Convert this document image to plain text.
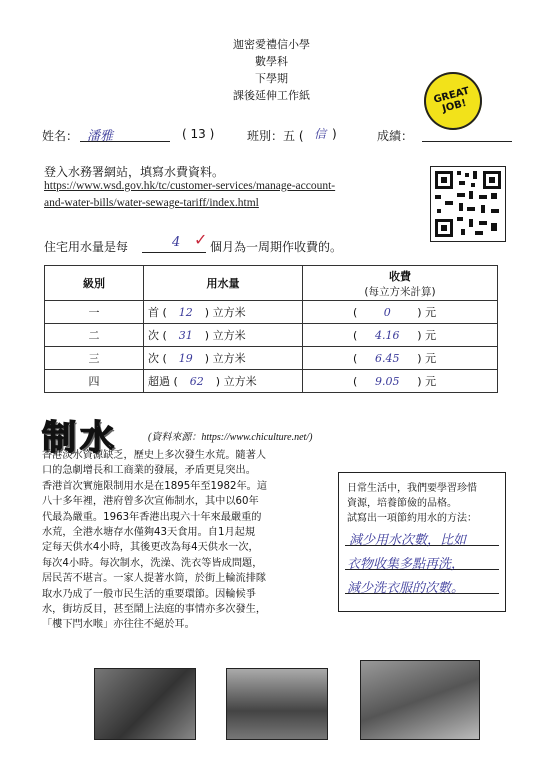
迦密愛禮信小學
數學科
下學期
課後延伸工作紙	GREAT JOB!
姓名： 潘雅	( 13 )	班別：五 ( 信 )	成績：
登入水務署網站，填寫水費資料。
https://www.wsd.gov.hk/tc/customer-services/manage-account-
and-water-bills/water-sewage-tariff/index.html
住宅用水量是每	4 個月為一周期作收費的。
✓
級別	用水量	收費
(每立方米計算)

一	首 ( 12 ) 立方米	( 0 ) 元
二	次 ( 31 ) 立方米	( 4.16 ) 元
三	次 ( 19 ) 立方米	( 6.45 ) 元
四	超過 ( 62 ) 立方米	( 9.05 ) 元
制水	(資料來源：https://www.chiculture.net/)
香港淡水資源缺乏，歷史上多次發生水荒。隨著人
口的急劇增長和工商業的發展，矛盾更見突出。
香港首次實施限制用水是在1895年至1982年。這
八十多年裡，港府曾多次宣佈制水，其中以60年
代最為嚴重。1963年香港出現六十年來最嚴重的
水荒，全港水塘存水僅夠43天食用。自1月起規
定每天供水4小時，其後更改為每4天供水一次，
每次4小時。每次制水，洗澡、洗衣等皆成問題，
居民苦不堪言。一家人提著水筒，於街上輪流排隊
取水乃成了一般市民生活的重要環節。因輪候爭
水，街坊反目，甚至鬧上法庭的事情亦多次發生，
「樓下閂水喉」亦往往不絕於耳。
日常生活中，我們要學習珍惜
資源，培養節儉的品格。
試寫出一項節約用水的方法：
減少用水次數，比如
衣物收集多點再洗，
減少洗衣服的次數。
